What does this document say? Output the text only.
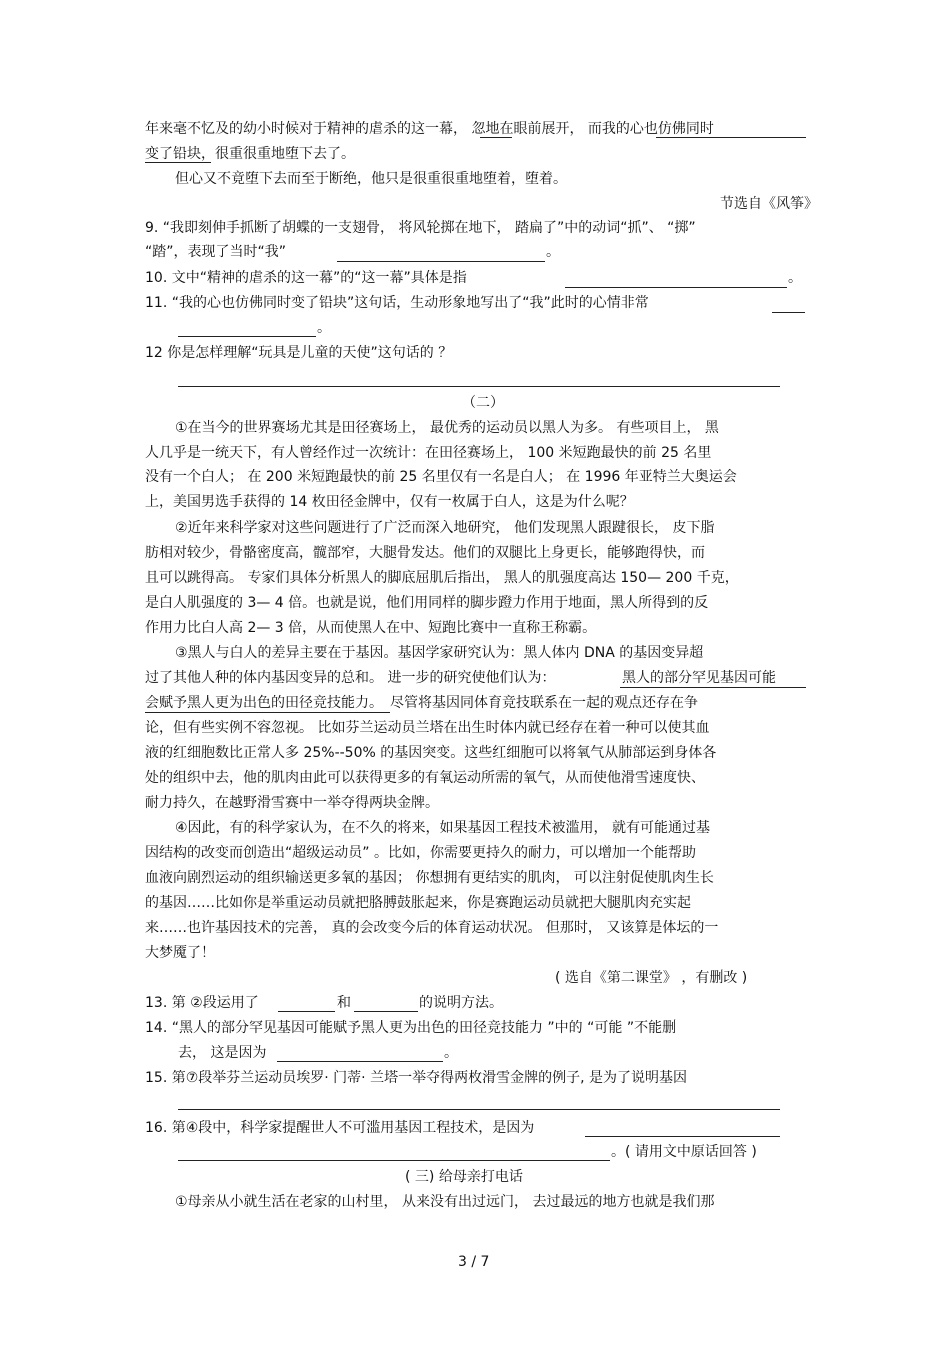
年来毫不忆及的幼小时候对于精神的虐杀的这一幕， 忽地在眼前展开， 而我的心也仿佛同时

变了铅块，很重很重地堕下去了。

但心又不竟堕下去而至于断绝，他只是很重很重地堕着，堕着。

节选自《风筝》

9. “我即刻伸手抓断了胡蝶的一支翅骨， 将风轮掷在地下， 踏扁了”中的动词“抓”、 “掷”

“踏”，表现了当时“我”	。

10. 文中“精神的虐杀的这一幕”的“这一幕”具体是指	。

11. “我的心也仿佛同时变了铅块”这句话，生动形象地写出了“我”此时的心情非常

。

12 你是怎样理解“玩具是儿童的天使”这句话的 ？

（二）

①在当今的世界赛场尤其是田径赛场上， 最优秀的运动员以黑人为多。 有些项目上， 黑

人几乎是一统天下，有人曾经作过一次统计：在田径赛场上， 100 米短跑最快的前 25 名里

没有一个白人； 在 200 米短跑最快的前 25 名里仅有一名是白人； 在 1996 年亚特兰大奥运会

上，美国男选手获得的 14 枚田径金牌中，仅有一枚属于白人，这是为什么呢？

②近年来科学家对这些问题进行了广泛而深入地研究， 他们发现黑人跟踺很长， 皮下脂

肪相对较少，骨骼密度高，髋部窄，大腿骨发达。他们的双腿比上身更长，能够跑得快，而

且可以跳得高。 专家们具体分析黑人的脚底屈肌后指出， 黑人的肌强度高达 150— 200 千克，

是白人肌强度的 3— 4 倍。也就是说，他们用同样的脚步蹬力作用于地面，黑人所得到的反

作用力比白人高 2— 3 倍，从而使黑人在中、短跑比赛中一直称王称霸。

③黑人与白人的差异主要在于基因。基因学家研究认为：黑人体内 DNA 的基因变异超

过了其他人种的体内基因变异的总和。 进一步的研究使他们认为：	黑人的部分罕见基因可能

会赋予黑人更为出色的田径竞技能力。 尽管将基因同体育竞技联系在一起的观点还存在争

论，但有些实例不容忽视。 比如芬兰运动员兰塔在出生时体内就已经存在着一种可以使其血

液的红细胞数比正常人多 25%--50% 的基因突变。这些红细胞可以将氧气从肺部运到身体各

处的组织中去，他的肌肉由此可以获得更多的有氧运动所需的氧气，从而使他滑雪速度快、

耐力持久，在越野滑雪赛中一举夺得两块金牌。

④因此，有的科学家认为，在不久的将来，如果基因工程技术被滥用， 就有可能通过基

因结构的改变而创造出“超级运动员” 。比如，你需要更持久的耐力，可以增加一个能帮助

血液向剧烈运动的组织输送更多氧的基因； 你想拥有更结实的肌肉， 可以注射促使肌肉生长

的基因……比如你是举重运动员就把胳膊鼓胀起来，你是赛跑运动员就把大腿肌肉充实起

来……也许基因技术的完善， 真的会改变今后的体育运动状况。 但那时， 又该算是体坛的一

大梦魇了！

( 选自《第二课堂》 ，有删改 )

13. 第 ②段运用了	和	的说明方法。

14. “黑人的部分罕见基因可能赋予黑人更为出色的田径竞技能力 ”中的 “可能 ”不能删

去， 这是因为	。

15. 第⑦段举芬兰运动员埃罗· 门蒂· 兰塔一举夺得两枚滑雪金牌的例子, 是为了说明基因

16. 第④段中，科学家提醒世人不可滥用基因工程技术，是因为

。( 请用文中原话回答 )

( 三) 给母亲打电话

①母亲从小就生活在老家的山村里， 从来没有出过远门， 去过最远的地方也就是我们那

3 / 7
